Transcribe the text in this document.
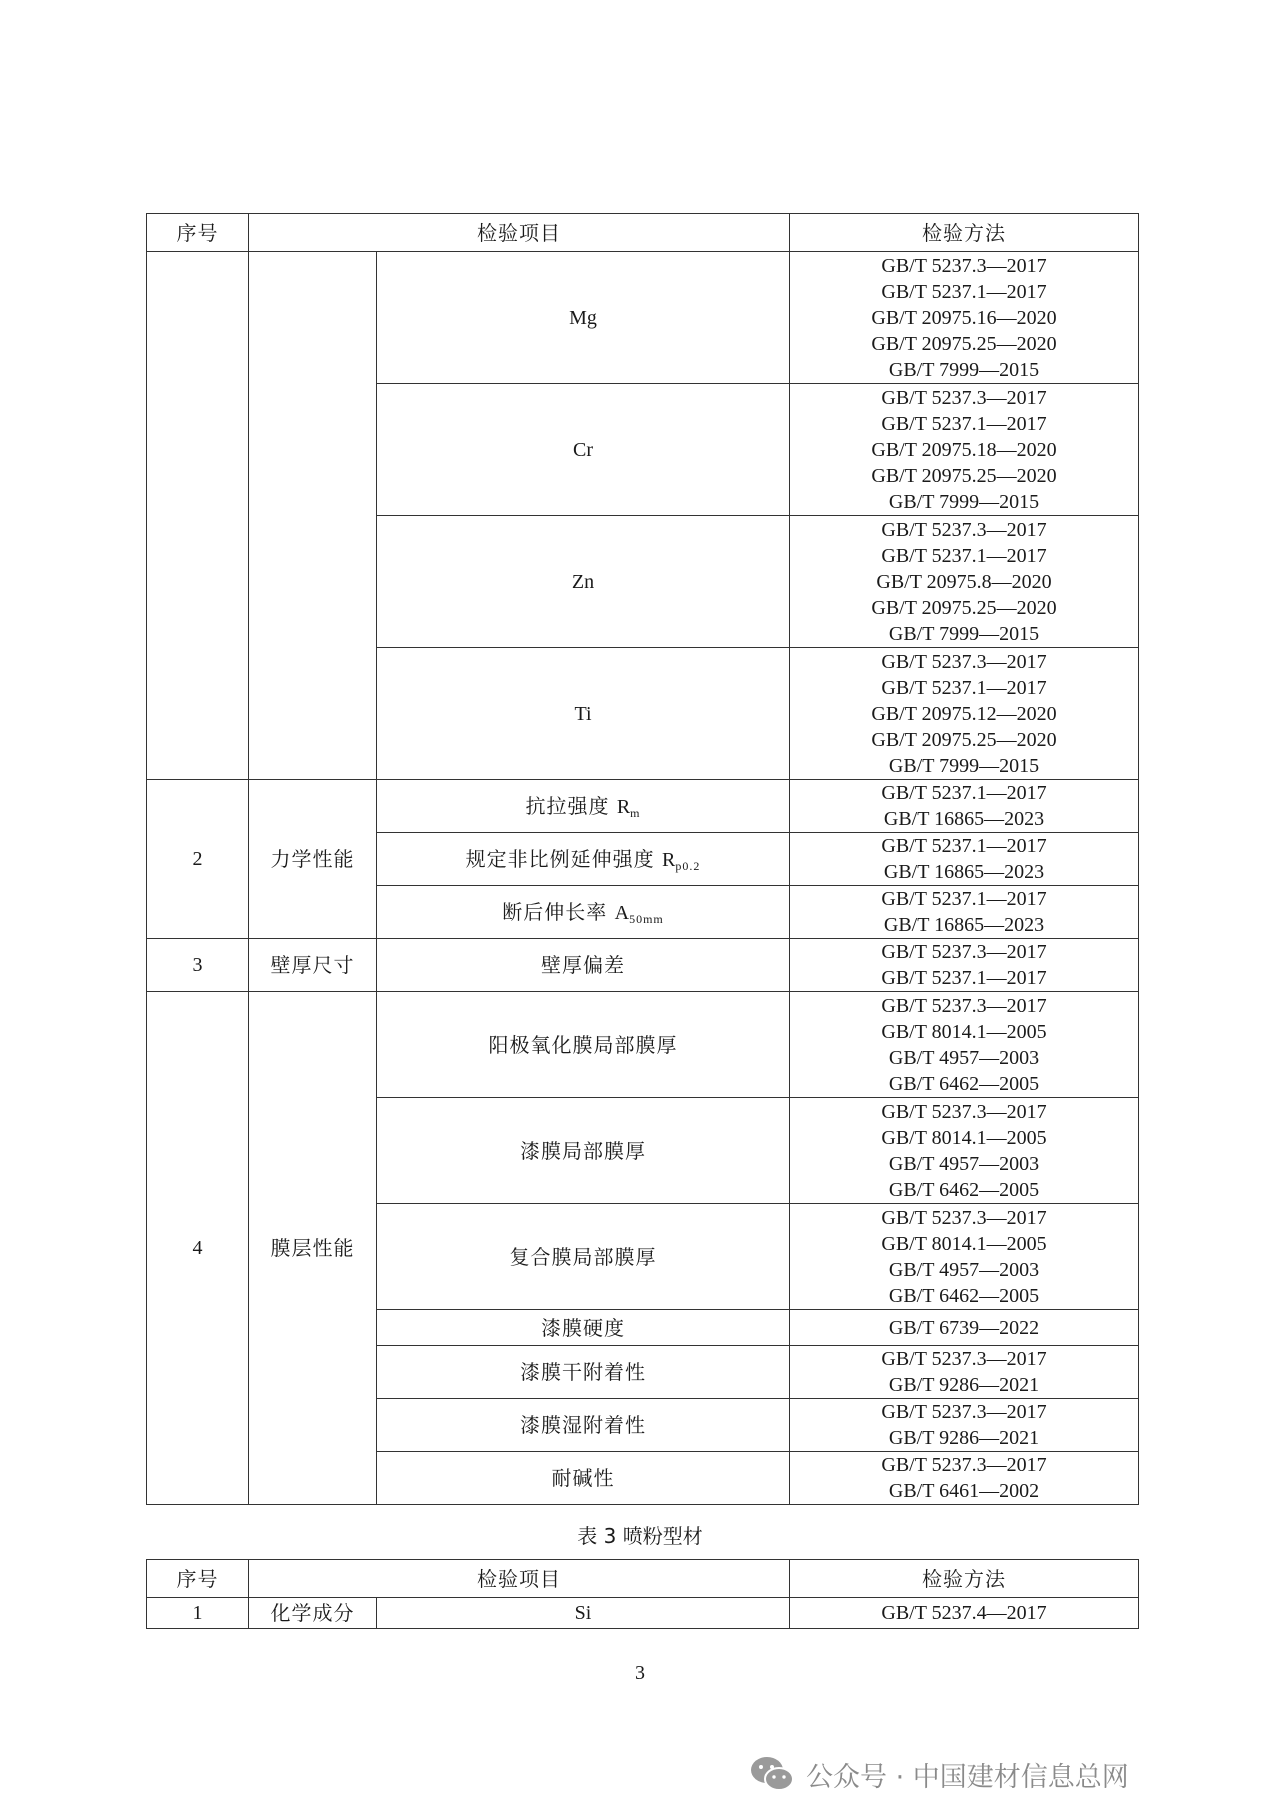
序号	检验项目		检验方法
		Mg	GB/T 5237.3—2017
GB/T 5237.1—2017
GB/T 20975.16—2020
GB/T 20975.25—2020
GB/T 7999—2015

		Cr	GB/T 5237.3—2017
GB/T 5237.1—2017
GB/T 20975.18—2020
GB/T 20975.25—2020
GB/T 7999—2015

		Zn	GB/T 5237.3—2017
GB/T 5237.1—2017
GB/T 20975.8—2020
GB/T 20975.25—2020
GB/T 7999—2015

		Ti	GB/T 5237.3—2017
GB/T 5237.1—2017
GB/T 20975.12—2020
GB/T 20975.25—2020
GB/T 7999—2015

2	力学性能	抗拉强度 $R_m$	GB/T 5237.1—2017
GB/T 16865—2023

		规定非比例延伸强度 $R_{p0.2}$	GB/T 5237.1—2017
GB/T 16865—2023

		断后伸长率 $A_{50mm}$	GB/T 5237.1—2017
GB/T 16865—2023

3	壁厚尺寸	壁厚偏差	GB/T 5237.3—2017
GB/T 5237.1—2017

4	膜层性能	阳极氧化膜局部膜厚	GB/T 5237.3—2017
GB/T 8014.1—2005
GB/T 4957—2003
GB/T 6462—2005

		漆膜局部膜厚	GB/T 5237.3—2017
GB/T 8014.1—2005
GB/T 4957—2003
GB/T 6462—2005

		复合膜局部膜厚	GB/T 5237.3—2017
GB/T 8014.1—2005
GB/T 4957—2003
GB/T 6462—2005

		漆膜硬度	GB/T 6739—2022

		漆膜干附着性	GB/T 5237.3—2017
GB/T 9286—2021

		漆膜湿附着性	GB/T 5237.3—2017
GB/T 9286—2021

		耐碱性	GB/T 5237.3—2017
GB/T 6461—2002
表 3 喷粉型材
序号	检验项目		检验方法
1	化学成分	Si	GB/T 5237.4—2017
3
公众号 · 中国建材信息总网
